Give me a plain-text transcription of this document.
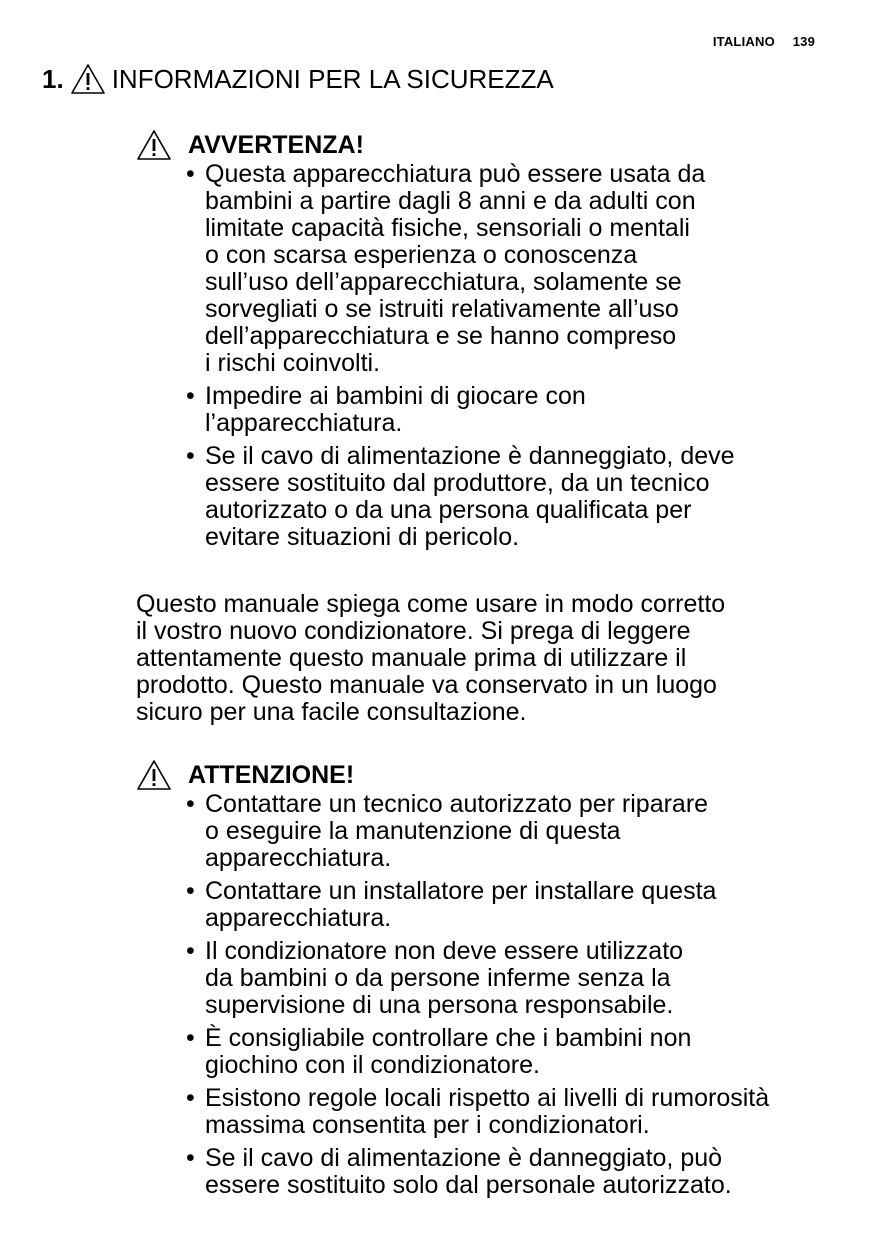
ITALIANO 139
1. INFORMAZIONI PER LA SICUREZZA
AVVERTENZA!
• Questa apparecchiatura può essere usata da
bambini a partire dagli 8 anni e da adulti con
limitate capacità fisiche, sensoriali o mentali
o con scarsa esperienza o conoscenza
sull’uso dell’apparecchiatura, solamente se
sorvegliati o se istruiti relativamente all’uso
dell’apparecchiatura e se hanno compreso
i rischi coinvolti.
• Impedire ai bambini di giocare con
l’apparecchiatura.
• Se il cavo di alimentazione è danneggiato, deve
essere sostituito dal produttore, da un tecnico
autorizzato o da una persona qualificata per
evitare situazioni di pericolo.
Questo manuale spiega come usare in modo corretto
il vostro nuovo condizionatore. Si prega di leggere
attentamente questo manuale prima di utilizzare il
prodotto. Questo manuale va conservato in un luogo
sicuro per una facile consultazione.
ATTENZIONE!
• Contattare un tecnico autorizzato per riparare
o eseguire la manutenzione di questa
apparecchiatura.
• Contattare un installatore per installare questa
apparecchiatura.
• Il condizionatore non deve essere utilizzato
da bambini o da persone inferme senza la
supervisione di una persona responsabile.
• È consigliabile controllare che i bambini non
giochino con il condizionatore.
• Esistono regole locali rispetto ai livelli di rumorosità
massima consentita per i condizionatori.
• Se il cavo di alimentazione è danneggiato, può
essere sostituito solo dal personale autorizzato.
